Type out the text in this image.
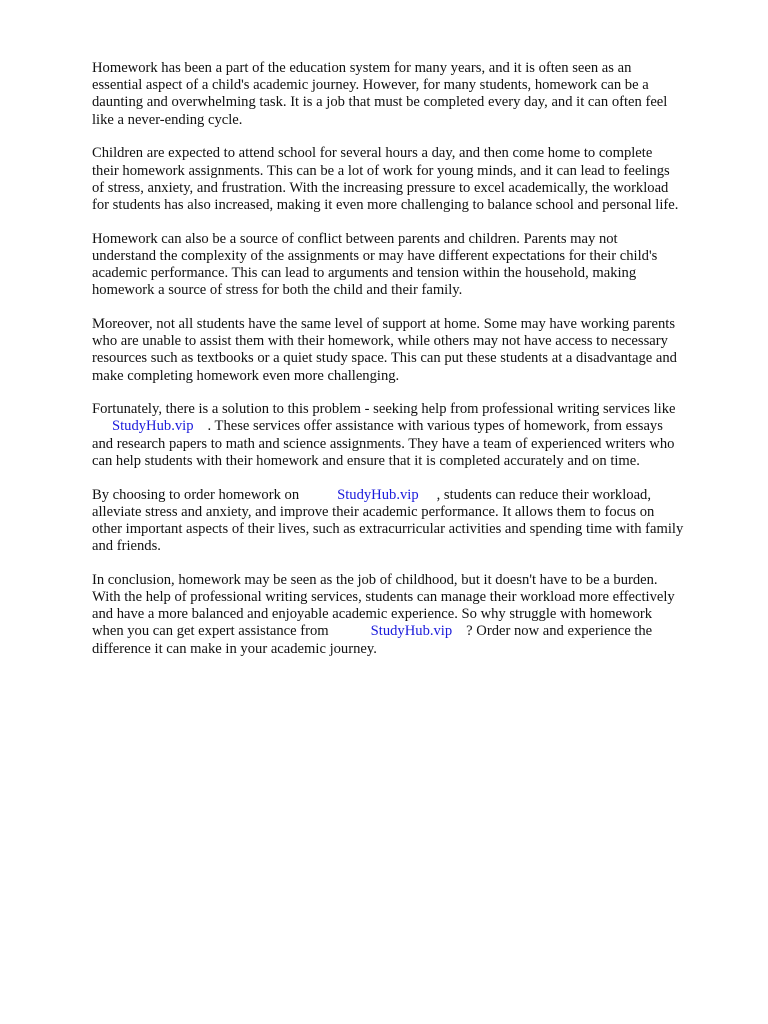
Homework has been a part of the education system for many years, and it is often seen as an
essential aspect of a child's academic journey. However, for many students, homework can be a
daunting and overwhelming task. It is a job that must be completed every day, and it can often feel
like a never-ending cycle.

Children are expected to attend school for several hours a day, and then come home to complete
their homework assignments. This can be a lot of work for young minds, and it can lead to feelings
of stress, anxiety, and frustration. With the increasing pressure to excel academically, the workload
for students has also increased, making it even more challenging to balance school and personal life.

Homework can also be a source of conflict between parents and children. Parents may not
understand the complexity of the assignments or may have different expectations for their child's
academic performance. This can lead to arguments and tension within the household, making
homework a source of stress for both the child and their family.

Moreover, not all students have the same level of support at home. Some may have working parents
who are unable to assist them with their homework, while others may not have access to necessary
resources such as textbooks or a quiet study space. This can put these students at a disadvantage and
make completing homework even more challenging.

Fortunately, there is a solution to this problem - seeking help from professional writing services like
StudyHub.vip . These services offer assistance with various types of homework, from essays
and research papers to math and science assignments. They have a team of experienced writers who
can help students with their homework and ensure that it is completed accurately and on time.

By choosing to order homework on	StudyHub.vip , students can reduce their workload,
alleviate stress and anxiety, and improve their academic performance. It allows them to focus on
other important aspects of their lives, such as extracurricular activities and spending time with family
and friends.

In conclusion, homework may be seen as the job of childhood, but it doesn't have to be a burden.
With the help of professional writing services, students can manage their workload more effectively
and have a more balanced and enjoyable academic experience. So why struggle with homework
when you can get expert assistance from	StudyHub.vip ? Order now and experience the
difference it can make in your academic journey.
